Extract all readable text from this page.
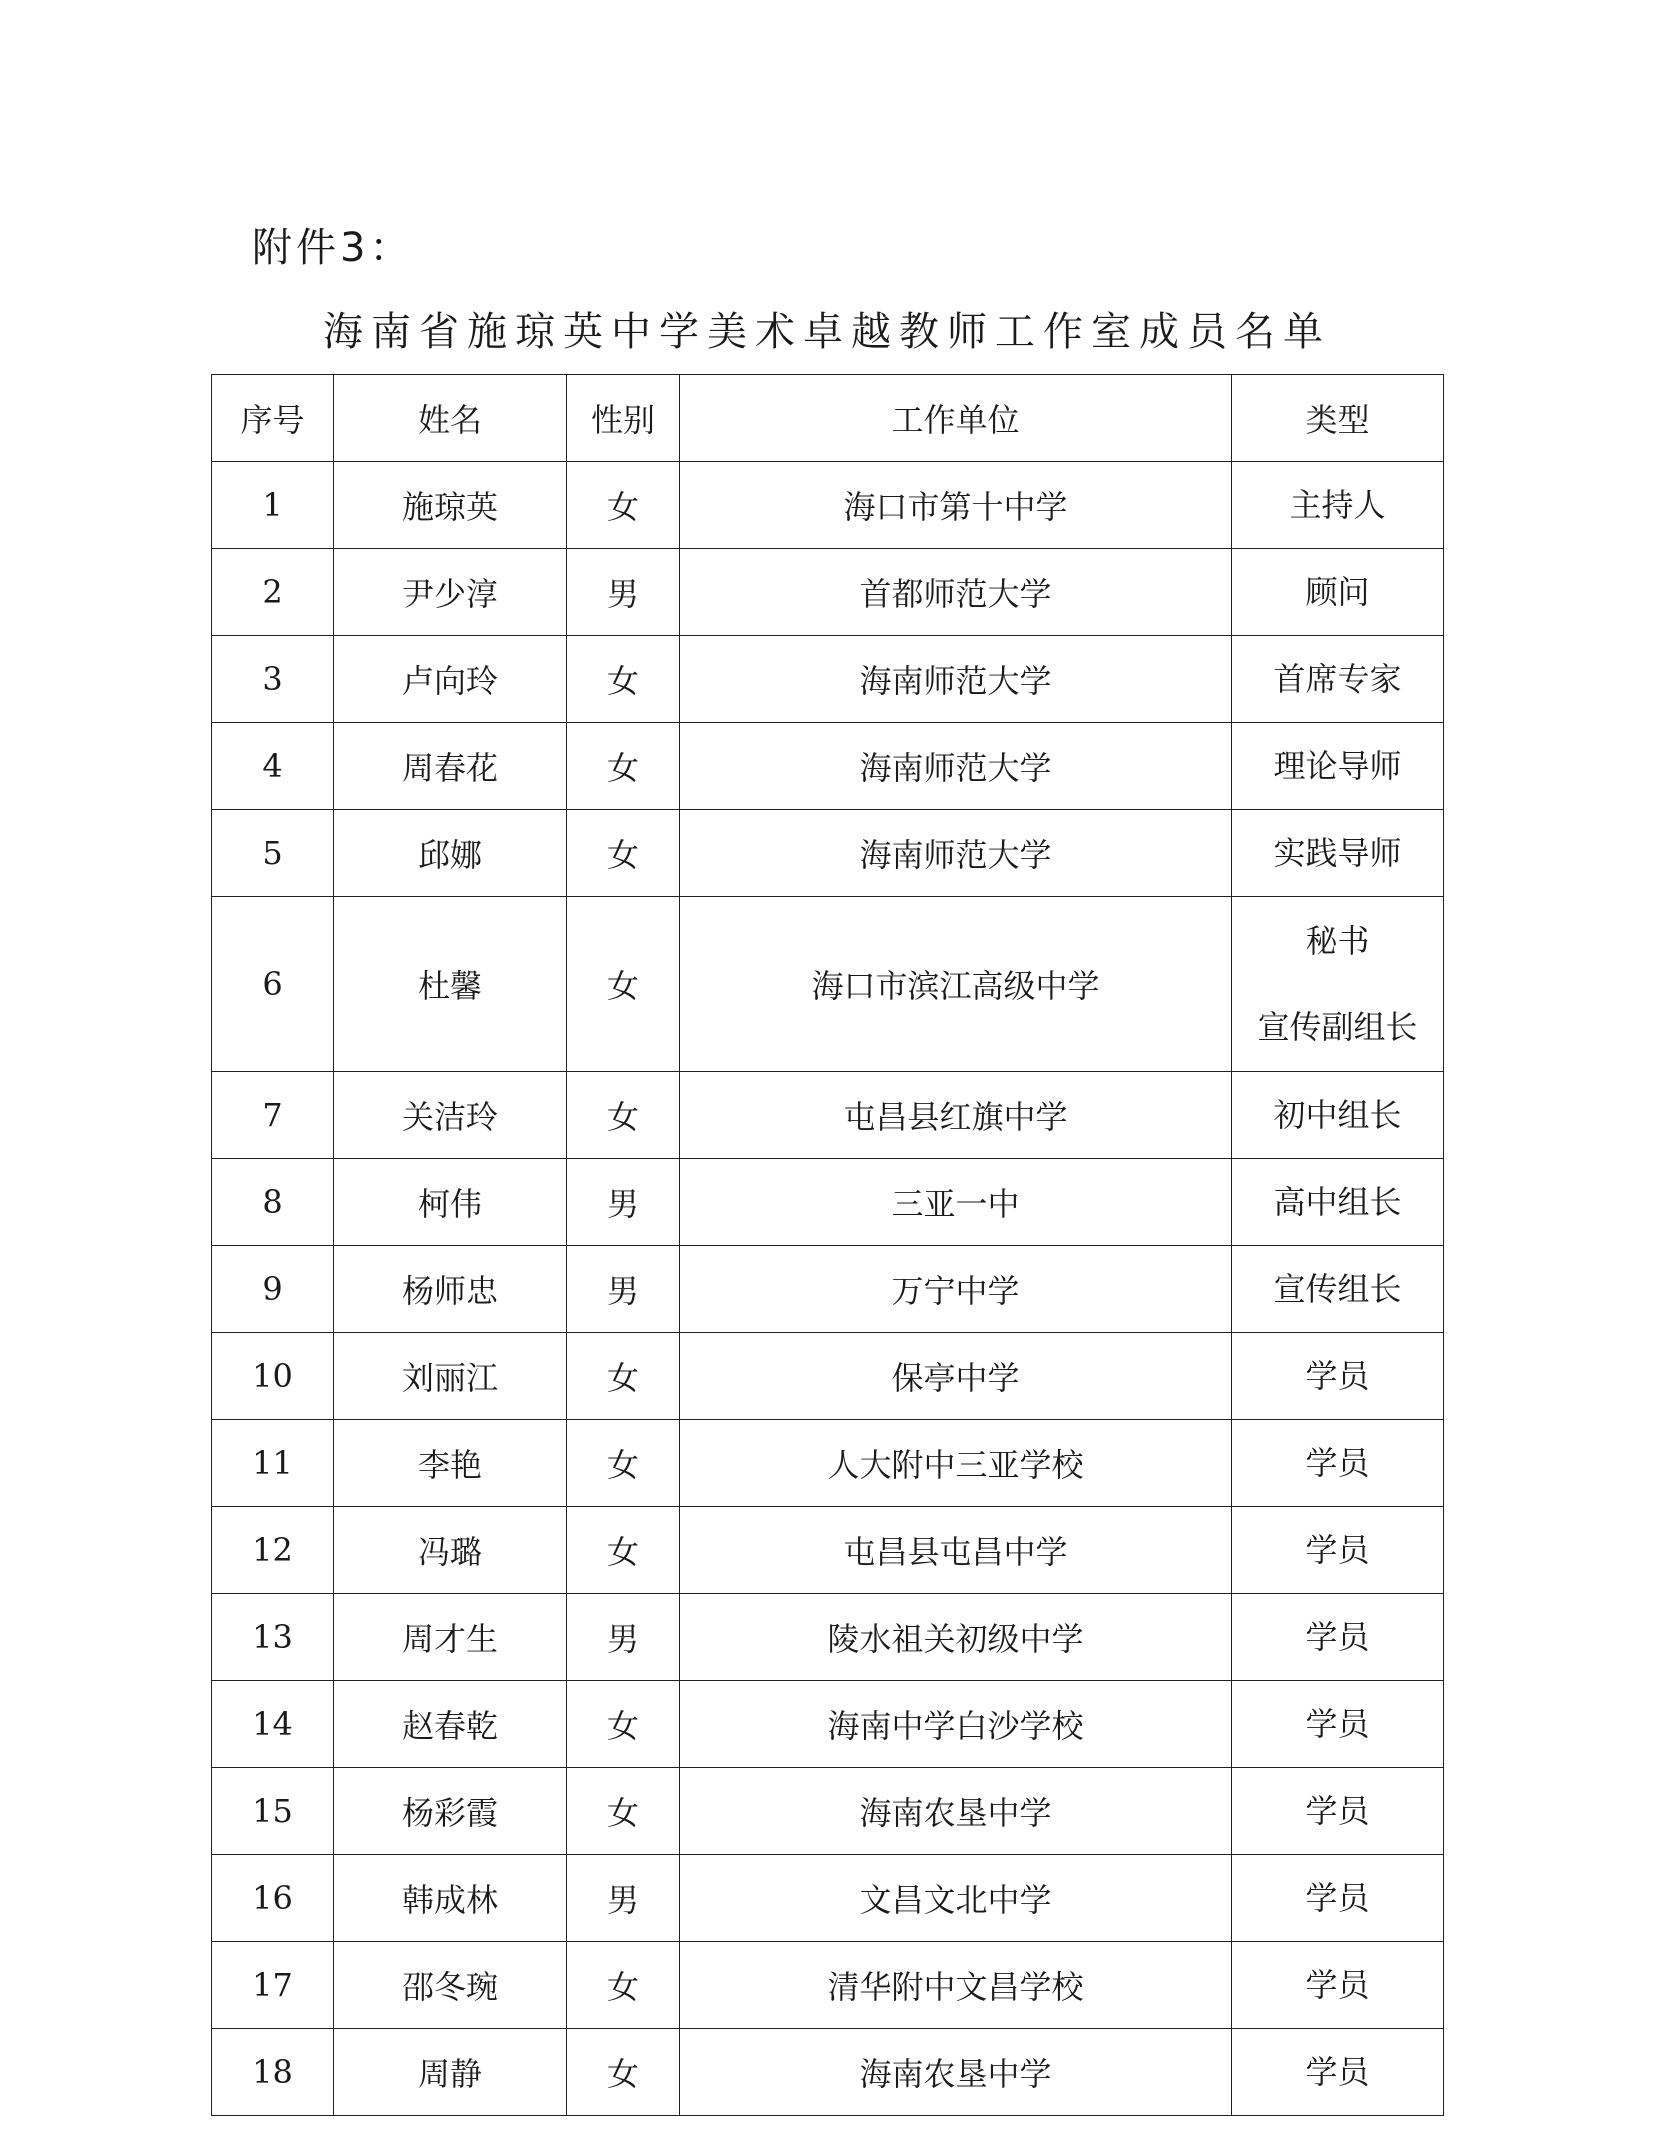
附件3：
海南省施琼英中学美术卓越教师工作室成员名单
序号	姓名	性别	工作单位	类型
1	施琼英	女	海口市第十中学	主持人

2	尹少淳	男	首都师范大学	顾问

3	卢向玲	女	海南师范大学	首席专家

4	周春花	女	海南师范大学	理论导师

5	邱娜	女	海南师范大学	实践导师

6	杜馨	女	海口市滨江高级中学	秘书
宣传副组长

7	关洁玲	女	屯昌县红旗中学	初中组长

8	柯伟	男	三亚一中	高中组长

9	杨师忠	男	万宁中学	宣传组长

10	刘丽江	女	保亭中学	学员

11	李艳	女	人大附中三亚学校	学员

12	冯璐	女	屯昌县屯昌中学	学员

13	周才生	男	陵水祖关初级中学	学员

14	赵春乾	女	海南中学白沙学校	学员

15	杨彩霞	女	海南农垦中学	学员

16	韩成林	男	文昌文北中学	学员

17	邵冬琬	女	清华附中文昌学校	学员

18	周静	女	海南农垦中学	学员
